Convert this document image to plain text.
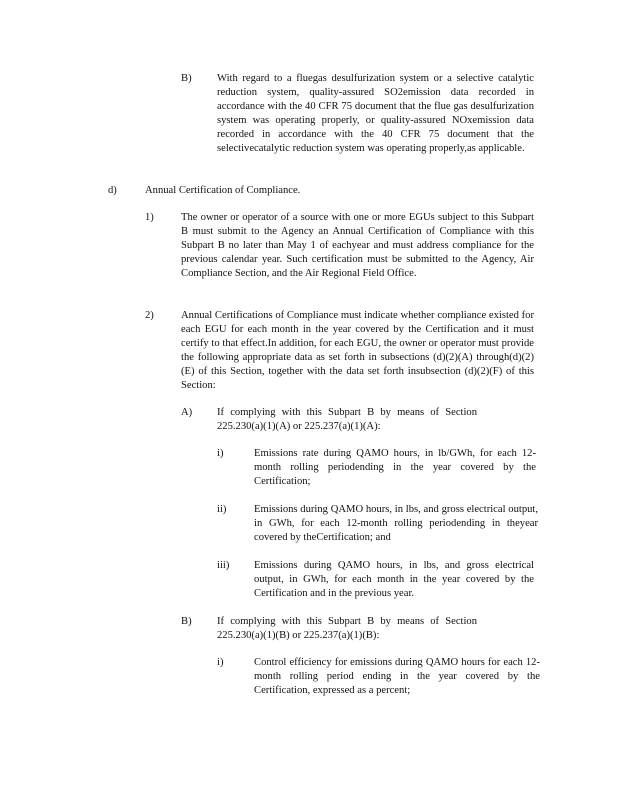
B) With regard to a fluegas desulfurization system or a selective catalytic reduction system, quality-assured SO2emission data recorded in accordance with the 40 CFR 75 document that the flue gas desulfurization system was operating properly, or quality-assured NOxemission data recorded in accordance with the 40 CFR 75 document that the selectivecatalytic reduction system was operating properly,as applicable.
d)	Annual Certification of Compliance.
1)	The owner or operator of a source with one or more EGUs subject to this Subpart B must submit to the Agency an Annual Certification of Compliance with this Subpart B no later than May 1 of eachyear and must address compliance for the previous calendar year. Such certification must be submitted to the Agency, Air Compliance Section, and the Air Regional Field Office.
2)	Annual Certifications of Compliance must indicate whether compliance existed for each EGU for each month in the year covered by the Certification and it must certify to that effect.In addition, for each EGU, the owner or operator must provide the following appropriate data as set forth in subsections (d)(2)(A) through(d)(2)(E) of this Section, together with the data set forth insubsection (d)(2)(F) of this Section:
A) If complying with this Subpart B by means of Section 225.230(a)(1)(A) or 225.237(a)(1)(A):
i)	Emissions rate during QAMO hours, in lb/GWh, for each 12-month rolling periodending in the year covered by the Certification;
ii)	Emissions during QAMO hours, in lbs, and gross electrical output, in GWh, for each 12-month rolling periodending in theyear covered by theCertification; and
iii) Emissions during QAMO hours, in lbs, and gross electrical output, in GWh, for each month in the year covered by the Certification and in the previous year.
B) If complying with this Subpart B by means of Section 225.230(a)(1)(B) or 225.237(a)(1)(B):
i)	Control efficiency for emissions during QAMO hours for each 12-month rolling period ending in the year covered by the Certification, expressed as a percent;
